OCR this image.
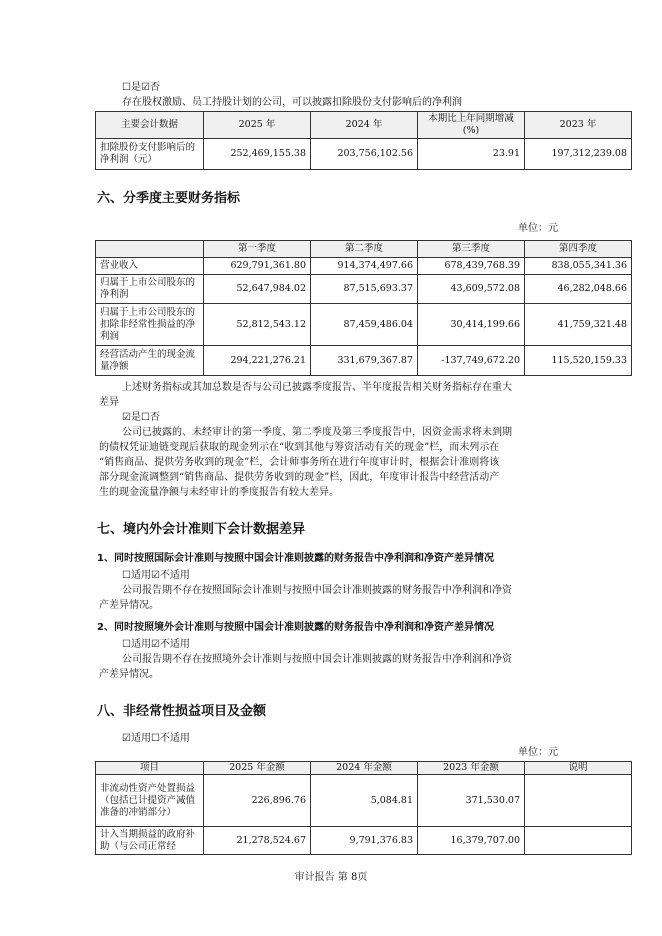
☐是☑否
存在股权激励、员工持股计划的公司，可以披露扣除股份支付影响后的净利润
主要会计数据	2025 年	2024 年	本期比上年同期增减 (%)	2023 年
扣除股份支付影响后的净利润（元）	252,469,155.38	203,756,102.56	23.91	197,312,239.08
六、分季度主要财务指标
单位：元
	第一季度	第二季度	第三季度	第四季度
营业收入	629,791,361.80	914,374,497.66	678,439,768.39	838,055,341.36
归属于上市公司股东的净利润	52,647,984.02	87,515,693.37	43,609,572.08	46,282,048.66
归属于上市公司股东的扣除非经常性损益的净利润	52,812,543.12	87,459,486.04	30,414,199.66	41,759,321.48
经营活动产生的现金流量净额	294,221,276.21	331,679,367.87	-137,749,672.20	115,520,159.33
上述财务指标或其加总数是否与公司已披露季度报告、半年度报告相关财务指标存在重大
差异
☑是☐否
公司已披露的、未经审计的第一季度、第二季度及第三季度报告中，因资金需求将未到期
的债权凭证迪链变现后获取的现金列示在“收到其他与筹资活动有关的现金”栏，而未列示在
“销售商品、提供劳务收到的现金”栏，会计师事务所在进行年度审计时，根据会计准则将该
部分现金流调整到“销售商品、提供劳务收到的现金”栏，因此，年度审计报告中经营活动产
生的现金流量净额与未经审计的季度报告有较大差异。
七、境内外会计准则下会计数据差异
1、同时按照国际会计准则与按照中国会计准则披露的财务报告中净利润和净资产差异情况
☐适用☑不适用
公司报告期不存在按照国际会计准则与按照中国会计准则披露的财务报告中净利润和净资
产差异情况。
2、同时按照境外会计准则与按照中国会计准则披露的财务报告中净利润和净资产差异情况
☐适用☑不适用
公司报告期不存在按照境外会计准则与按照中国会计准则披露的财务报告中净利润和净资
产差异情况。
八、非经常性损益项目及金额
☑适用☐不适用
单位：元
项目	2025 年金额	2024 年金额	2023 年金额	说明
非流动性资产处置损益（包括已计提资产减值准备的冲销部分）	226,896.76	5,084.81	371,530.07	
计入当期损益的政府补助（与公司正常经	21,278,524.67	9,791,376.83	16,379,707.00	
审计报告 第 8页
